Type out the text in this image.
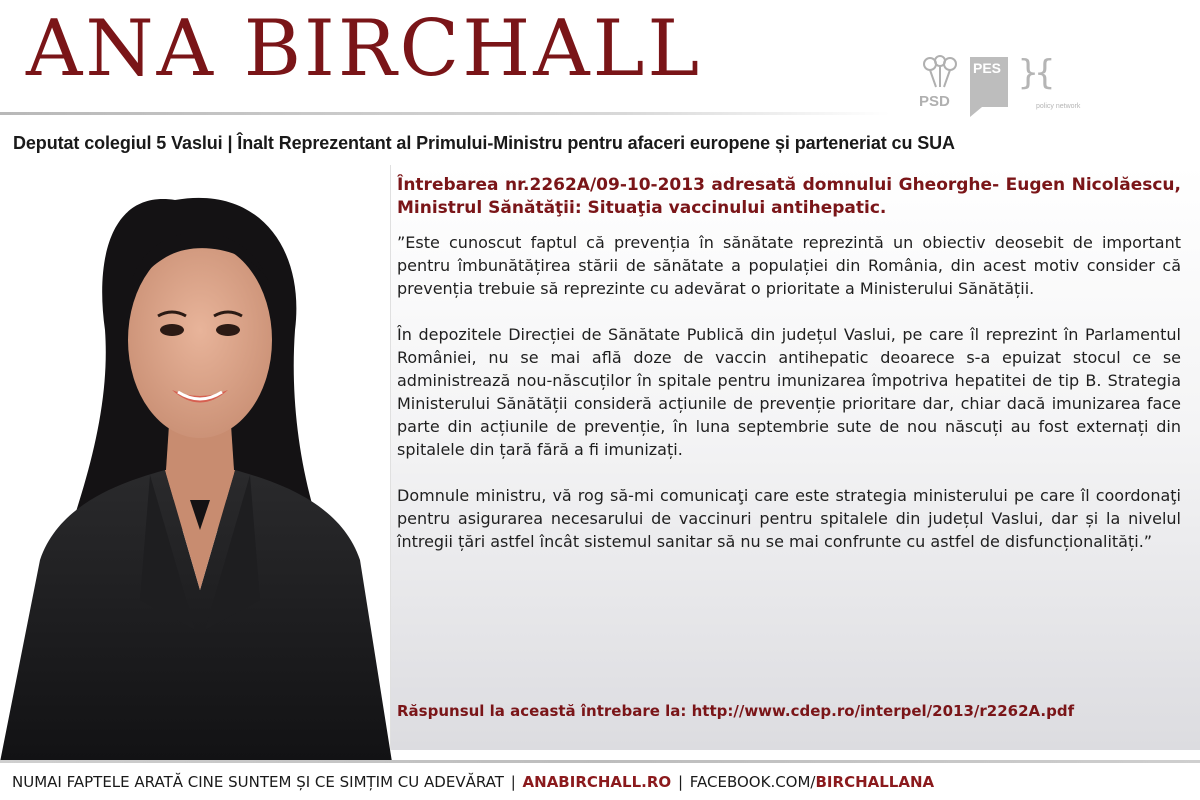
ANA BIRCHALL
PSD
PES }{
policy network
Deputat colegiul 5 Vaslui | Înalt Reprezentant al Primului-Ministru pentru afaceri europene și parteneriat cu SUA
Întrebarea nr.2262A/09-10-2013 adresată domnului Gheorghe- Eugen Nicolăescu, Ministrul Sănătăţii: Situaţia vaccinului antihepatic.

”Este cunoscut faptul că prevenția în sănătate reprezintă un obiectiv deosebit de important pentru îmbunătățirea stării de sănătate a populației din România, din acest motiv consider că prevenția trebuie să reprezinte cu adevărat o prioritate a Ministerului Sănătății.

În depozitele Direcției de Sănătate Publică din județul Vaslui, pe care îl reprezint în Parlamentul României, nu se mai află doze de vaccin antihepatic deoarece s-a epuizat stocul ce se administrează nou-născuților în spitale pentru imunizarea împotriva hepatitei de tip B. Strategia Ministerului Sănătății consideră acțiunile de prevenție prioritare dar, chiar dacă imunizarea face parte din acțiunile de prevenție, în luna septembrie sute de nou născuți au fost externați din spitalele din țară fără a fi imunizați.

Domnule ministru, vă rog să-mi comunicaţi care este strategia ministerului pe care îl coordonaţi pentru asigurarea necesarului de vaccinuri pentru spitalele din județul Vaslui, dar și la nivelul întregii țări astfel încât sistemul sanitar să nu se mai confrunte cu astfel de disfuncționalități.”

Răspunsul la această întrebare la: http://www.cdep.ro/interpel/2013/r2262A.pdf
NUMAI FAPTELE ARATĂ CINE SUNTEM ȘI CE SIMȚIM CU ADEVĂRAT | ANABIRCHALL.RO | FACEBOOK.COM/BIRCHALLANA
